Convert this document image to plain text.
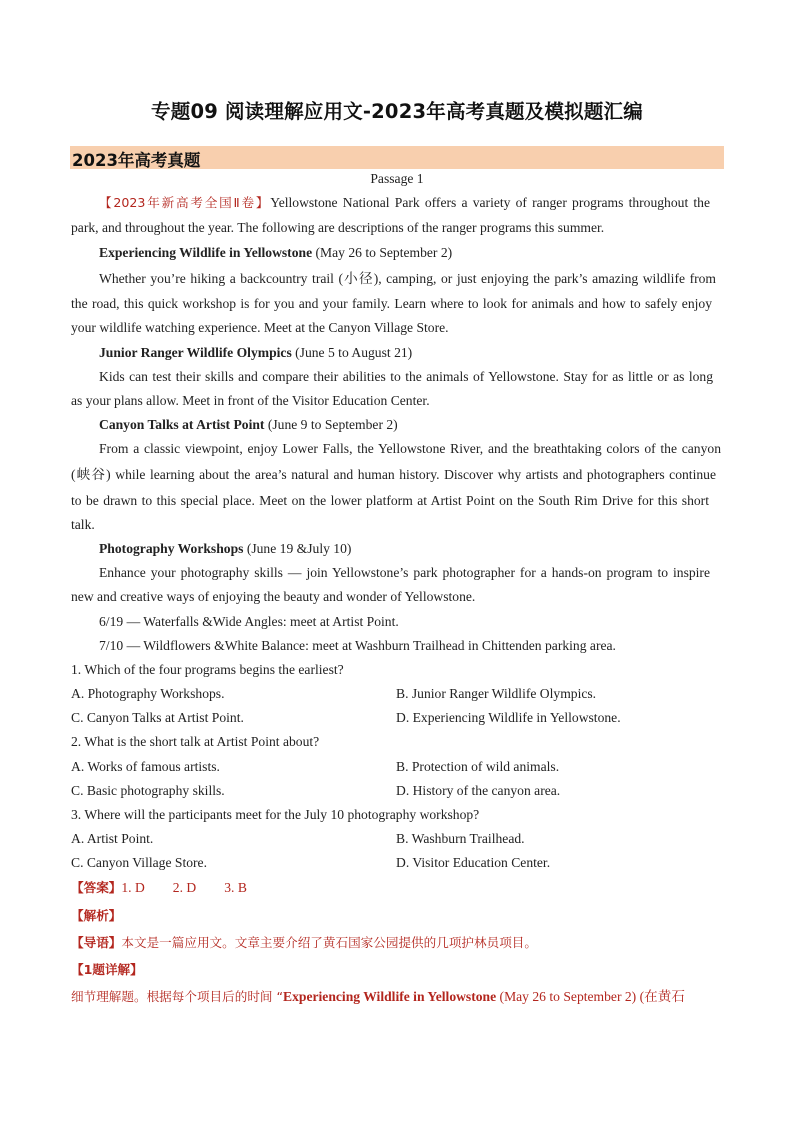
专题09 阅读理解应用文-2023年高考真题及模拟题汇编
2023年高考真题
Passage 1
【2023年新高考全国Ⅱ卷】Yellowstone National Park offers a variety of ranger programs throughout the
park, and throughout the year. The following are descriptions of the ranger programs this summer.
Experiencing Wildlife in Yellowstone (May 26 to September 2)
Whether you’re hiking a backcountry trail (小径), camping, or just enjoying the park’s amazing wildlife from
the road, this quick workshop is for you and your family. Learn where to look for animals and how to safely enjoy
your wildlife watching experience. Meet at the Canyon Village Store.
Junior Ranger Wildlife Olympics (June 5 to August 21)
Kids can test their skills and compare their abilities to the animals of Yellowstone. Stay for as little or as long
as your plans allow. Meet in front of the Visitor Education Center.
Canyon Talks at Artist Point (June 9 to September 2)
From a classic viewpoint, enjoy Lower Falls, the Yellowstone River, and the breathtaking colors of the canyon
(峡谷) while learning about the area’s natural and human history. Discover why artists and photographers continue
to be drawn to this special place. Meet on the lower platform at Artist Point on the South Rim Drive for this short
talk.
Photography Workshops (June 19 &July 10)
Enhance your photography skills — join Yellowstone’s park photographer for a hands-on program to inspire
new and creative ways of enjoying the beauty and wonder of Yellowstone.
6/19 — Waterfalls &Wide Angles: meet at Artist Point.
7/10 — Wildflowers &White Balance: meet at Washburn Trailhead in Chittenden parking area.
1. Which of the four programs begins the earliest?
A. Photography Workshops.	B. Junior Ranger Wildlife Olympics.
C. Canyon Talks at Artist Point.	D. Experiencing Wildlife in Yellowstone.
2. What is the short talk at Artist Point about?
A. Works of famous artists.	B. Protection of wild animals.
C. Basic photography skills.	D. History of the canyon area.
3. Where will the participants meet for the July 10 photography workshop?
A. Artist Point.	B. Washburn Trailhead.
C. Canyon Village Store.	D. Visitor Education Center.
【答案】1. D 2. D 3. B
【解析】
【导语】本文是一篇应用文。文章主要介绍了黄石国家公园提供的几项护林员项目。
【1题详解】
细节理解题。根据每个项目后的时间 “Experiencing Wildlife in Yellowstone (May 26 to September 2) (在黄石
